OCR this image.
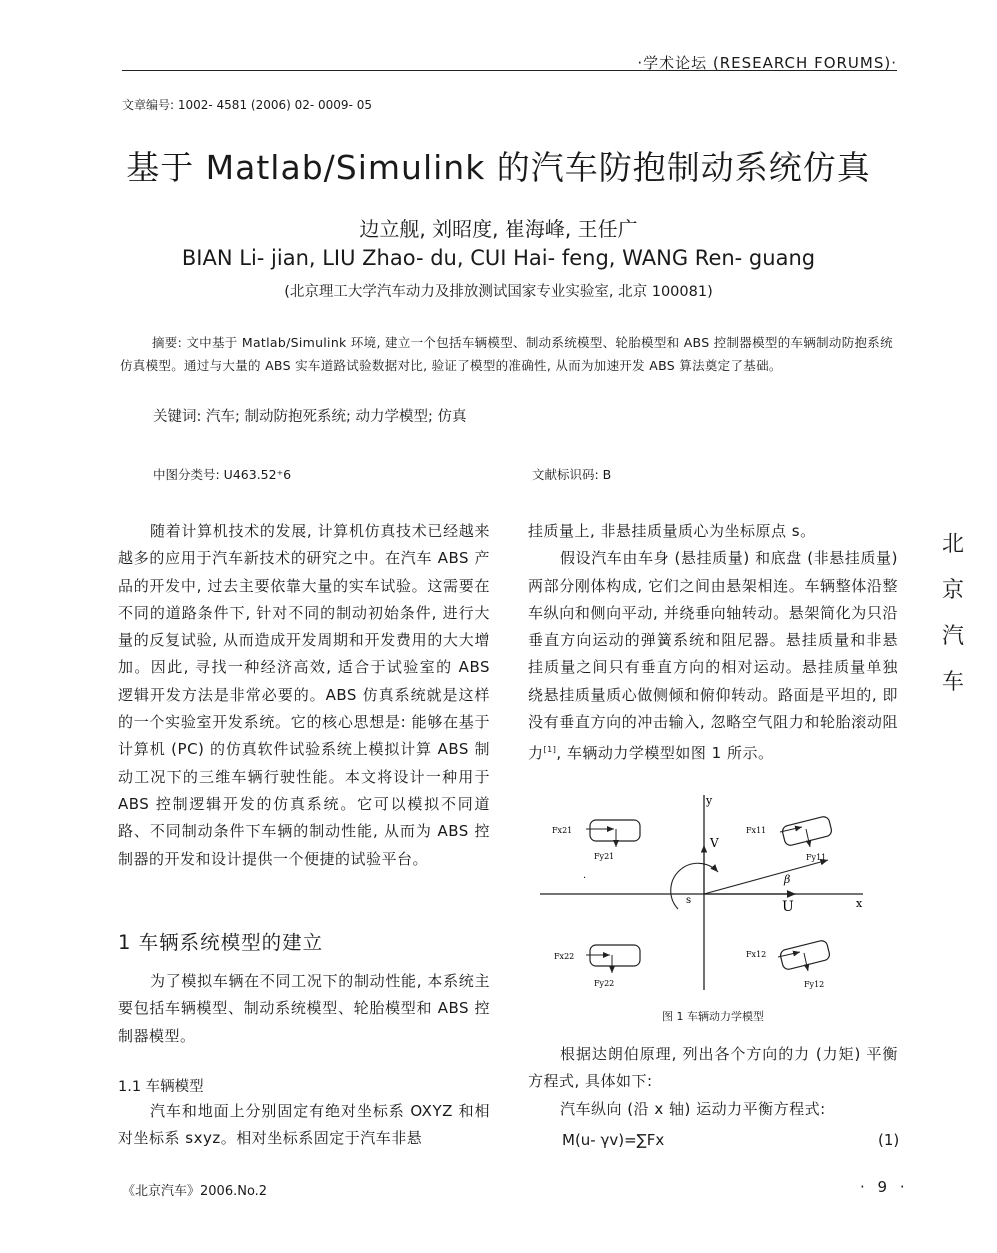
·学术论坛 (RESEARCH FORUMS)·
文章编号: 1002- 4581 (2006) 02- 0009- 05
基于 Matlab/Simulink 的汽车防抱制动系统仿真
边立舰, 刘昭度, 崔海峰, 王任广
BIAN Li- jian, LIU Zhao- du, CUI Hai- feng, WANG Ren- guang
(北京理工大学汽车动力及排放测试国家专业实验室, 北京 100081)
摘要: 文中基于 Matlab/Simulink 环境, 建立一个包括车辆模型、制动系统模型、轮胎模型和 ABS 控制器模型的车辆制动防抱系统仿真模型。通过与大量的 ABS 实车道路试验数据对比, 验证了模型的准确性, 从而为加速开发 ABS 算法奠定了基础。
关键词: 汽车; 制动防抱死系统; 动力学模型; 仿真
中图分类号: U463.52⁺6	文献标识码: B

随着计算机技术的发展, 计算机仿真技术已经越来越多的应用于汽车新技术的研究之中。在汽车 ABS 产品的开发中, 过去主要依靠大量的实车试验。这需要在不同的道路条件下, 针对不同的制动初始条件, 进行大量的反复试验, 从而造成开发周期和开发费用的大大增加。因此, 寻找一种经济高效, 适合于试验室的 ABS 逻辑开发方法是非常必要的。ABS 仿真系统就是这样的一个实验室开发系统。它的核心思想是: 能够在基于计算机 (PC) 的仿真软件试验系统上模拟计算 ABS 制动工况下的三维车辆行驶性能。本文将设计一种用于 ABS 控制逻辑开发的仿真系统。它可以模拟不同道路、不同制动条件下车辆的制动性能, 从而为 ABS 控制器的开发和设计提供一个便捷的试验平台。

1 车辆系统模型的建立

为了模拟车辆在不同工况下的制动性能, 本系统主要包括车辆模型、制动系统模型、轮胎模型和 ABS 控制器模型。

1.1 车辆模型

汽车和地面上分别固定有绝对坐标系 OXYZ 和相对坐标系 sxyz。相对坐标系固定于汽车非悬

挂质量上, 非悬挂质量质心为坐标原点 s。

假设汽车由车身 (悬挂质量) 和底盘 (非悬挂质量) 两部分刚体构成, 它们之间由悬架相连。车辆整体沿整车纵向和侧向平动, 并绕垂向轴转动。悬架简化为只沿垂直方向运动的弹簧系统和阻尼器。悬挂质量和非悬挂质量之间只有垂直方向的相对运动。悬挂质量单独绕悬挂质量质心做侧倾和俯仰转动。路面是平坦的, 即没有垂直方向的冲击输入, 忽略空气阻力和轮胎滚动阻力[1], 车辆动力学模型如图 1 所示。

y
x
V
U
β
s
.
Fx21
Fy21
Fx11
Fy11
Fx22
Fy22
Fx12
Fy12
图 1 车辆动力学模型

根据达朗伯原理, 列出各个方向的力 (力矩) 平衡方程式, 具体如下:

汽车纵向 (沿 x 轴) 运动力平衡方程式:

M(u- γv)=∑Fx	(1)
北
京
汽
车
《北京汽车》2006.No.2	· 9 ·
